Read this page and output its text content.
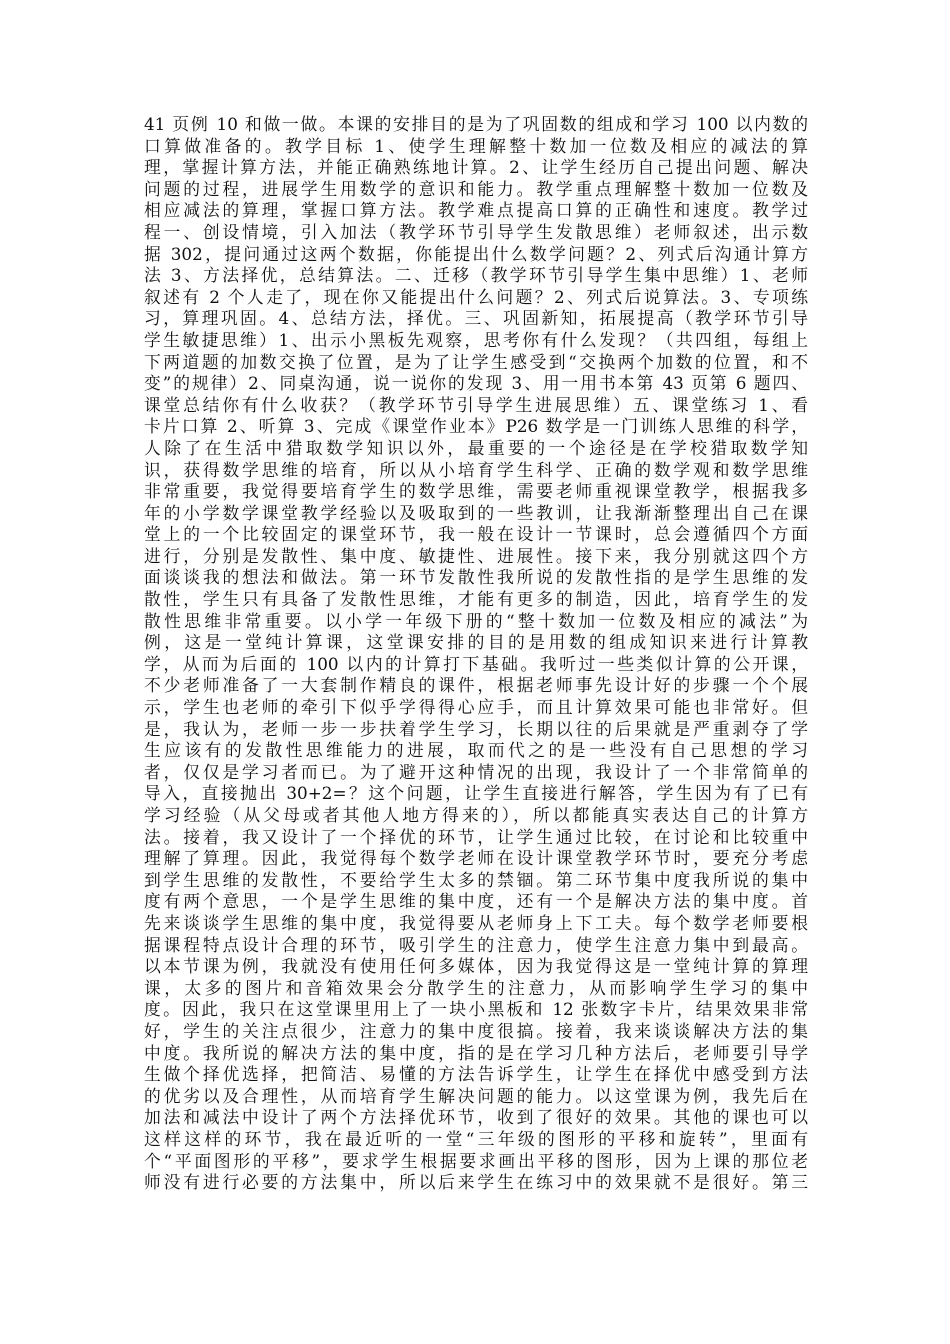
41 页例 10 和做一做。本课的安排目的是为了巩固数的组成和学习 100 以内数的
口算做准备的。教学目标 1、使学生理解整十数加一位数及相应的减法的算
理，掌握计算方法，并能正确熟练地计算。2、让学生经历自己提出问题、解决
问题的过程，进展学生用数学的意识和能力。教学重点理解整十数加一位数及
相应减法的算理，掌握口算方法。教学难点提高口算的正确性和速度。教学过
程一、创设情境，引入加法（教学环节引导学生发散思维）老师叙述，出示数
据 302，提问通过这两个数据，你能提出什么数学问题？2、列式后沟通计算方
法 3、方法择优，总结算法。二、迁移（教学环节引导学生集中思维）1、老师
叙述有 2 个人走了，现在你又能提出什么问题？2、列式后说算法。3、专项练
习，算理巩固。4、总结方法，择优。三、巩固新知，拓展提高（教学环节引导
学生敏捷思维）1、出示小黑板先观察，思考你有什么发现？（共四组，每组上
下两道题的加数交换了位置，是为了让学生感受到“交换两个加数的位置，和不
变”的规律）2、同桌沟通，说一说你的发现 3、用一用书本第 43 页第 6 题四、
课堂总结你有什么收获？（教学环节引导学生进展思维）五、课堂练习 1、看
卡片口算 2、听算 3、完成《课堂作业本》P26 数学是一门训练人思维的科学，
人除了在生活中猎取数学知识以外，最重要的一个途径是在学校猎取数学知
识，获得数学思维的培育，所以从小培育学生科学、正确的数学观和数学思维
非常重要，我觉得要培育学生的数学思维，需要老师重视课堂教学，根据我多
年的小学数学课堂教学经验以及吸取到的一些教训，让我渐渐整理出自己在课
堂上的一个比较固定的课堂环节，我一般在设计一节课时，总会遵循四个方面
进行，分别是发散性、集中度、敏捷性、进展性。接下来，我分别就这四个方
面谈谈我的想法和做法。第一环节发散性我所说的发散性指的是学生思维的发
散性，学生只有具备了发散性思维，才能有更多的制造，因此，培育学生的发
散性思维非常重要。以小学一年级下册的“整十数加一位数及相应的减法”为
例，这是一堂纯计算课，这堂课安排的目的是用数的组成知识来进行计算教
学，从而为后面的 100 以内的计算打下基础。我听过一些类似计算的公开课，
不少老师准备了一大套制作精良的课件，根据老师事先设计好的步骤一个个展
示，学生也老师的牵引下似乎学得得心应手，而且计算效果可能也非常好。但
是，我认为，老师一步一步扶着学生学习，长期以往的后果就是严重剥夺了学
生应该有的发散性思维能力的进展，取而代之的是一些没有自己思想的学习
者，仅仅是学习者而已。为了避开这种情况的出现，我设计了一个非常简单的
导入，直接抛出 30+2=？这个问题，让学生直接进行解答，学生因为有了已有
学习经验（从父母或者其他人地方得来的），所以都能真实表达自己的计算方
法。接着，我又设计了一个择优的环节，让学生通过比较，在讨论和比较重中
理解了算理。因此，我觉得每个数学老师在设计课堂教学环节时，要充分考虑
到学生思维的发散性，不要给学生太多的禁锢。第二环节集中度我所说的集中
度有两个意思，一个是学生思维的集中度，还有一个是解决方法的集中度。首
先来谈谈学生思维的集中度，我觉得要从老师身上下工夫。每个数学老师要根
据课程特点设计合理的环节，吸引学生的注意力，使学生注意力集中到最高。
以本节课为例，我就没有使用任何多媒体，因为我觉得这是一堂纯计算的算理
课，太多的图片和音箱效果会分散学生的注意力，从而影响学生学习的集中
度。因此，我只在这堂课里用上了一块小黑板和 12 张数字卡片，结果效果非常
好，学生的关注点很少，注意力的集中度很搞。接着，我来谈谈解决方法的集
中度。我所说的解决方法的集中度，指的是在学习几种方法后，老师要引导学
生做个择优选择，把简洁、易懂的方法告诉学生，让学生在择优中感受到方法
的优劣以及合理性，从而培育学生解决问题的能力。以这堂课为例，我先后在
加法和减法中设计了两个方法择优环节，收到了很好的效果。其他的课也可以
这样这样的环节，我在最近听的一堂“三年级的图形的平移和旋转”，里面有
个“平面图形的平移”，要求学生根据要求画出平移的图形，因为上课的那位老
师没有进行必要的方法集中，所以后来学生在练习中的效果就不是很好。第三
